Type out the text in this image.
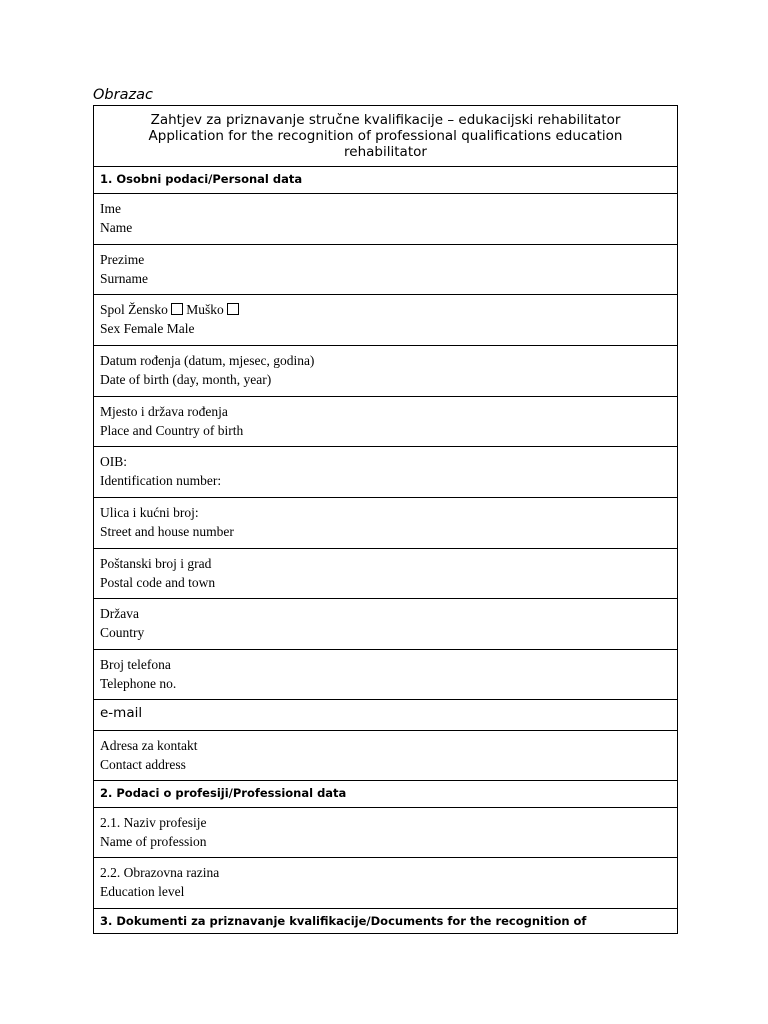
Obrazac
Zahtjev za priznavanje stručne kvalifikacije – edukacijski rehabilitator
Application for the recognition of professional qualifications education
rehabilitator
1. Osobni podaci/Personal data
Ime
Name
Prezime
Surname
Spol Žensko Muško
Sex Female Male
Datum rođenja (datum, mjesec, godina)
Date of birth (day, month, year)
Mjesto i država rođenja
Place and Country of birth
OIB:
Identification number:
Ulica i kućni broj:
Street and house number
Poštanski broj i grad
Postal code and town
Država
Country
Broj telefona
Telephone no.
e-mail
Adresa za kontakt
Contact address
2. Podaci o profesiji/Professional data
2.1. Naziv profesije
Name of profession
2.2. Obrazovna razina
Education level
3. Dokumenti za priznavanje kvalifikacije/Documents for the recognition of
